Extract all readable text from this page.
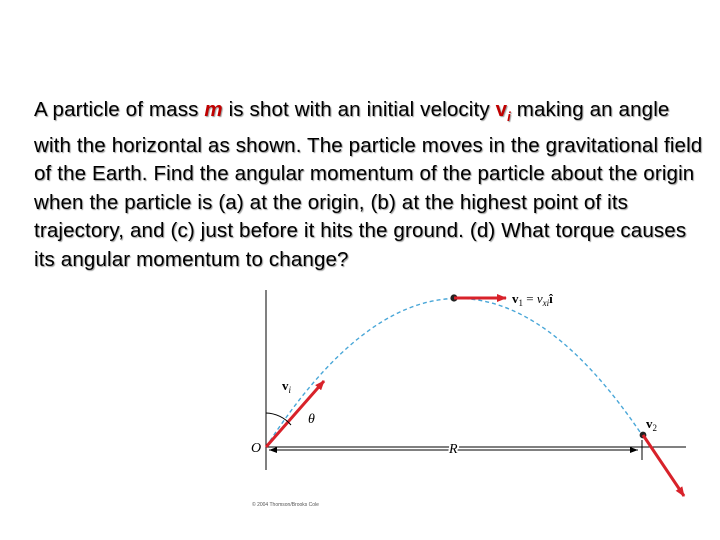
A particle of mass m is shot with an initial velocity $v_i$ making an angle with the horizontal as shown. The particle moves in the gravitational field of the Earth. Find the angular momentum of the particle about the origin when the particle is (a) at the origin, (b) at the highest point of its trajectory, and (c) just before it hits the ground. (d) What torque causes its angular momentum to change?
$v_1$ = $v_{xi}î$
$v_i$
θ
O	R
$v_2$
© 2004 Thomson/Brooks Cole
